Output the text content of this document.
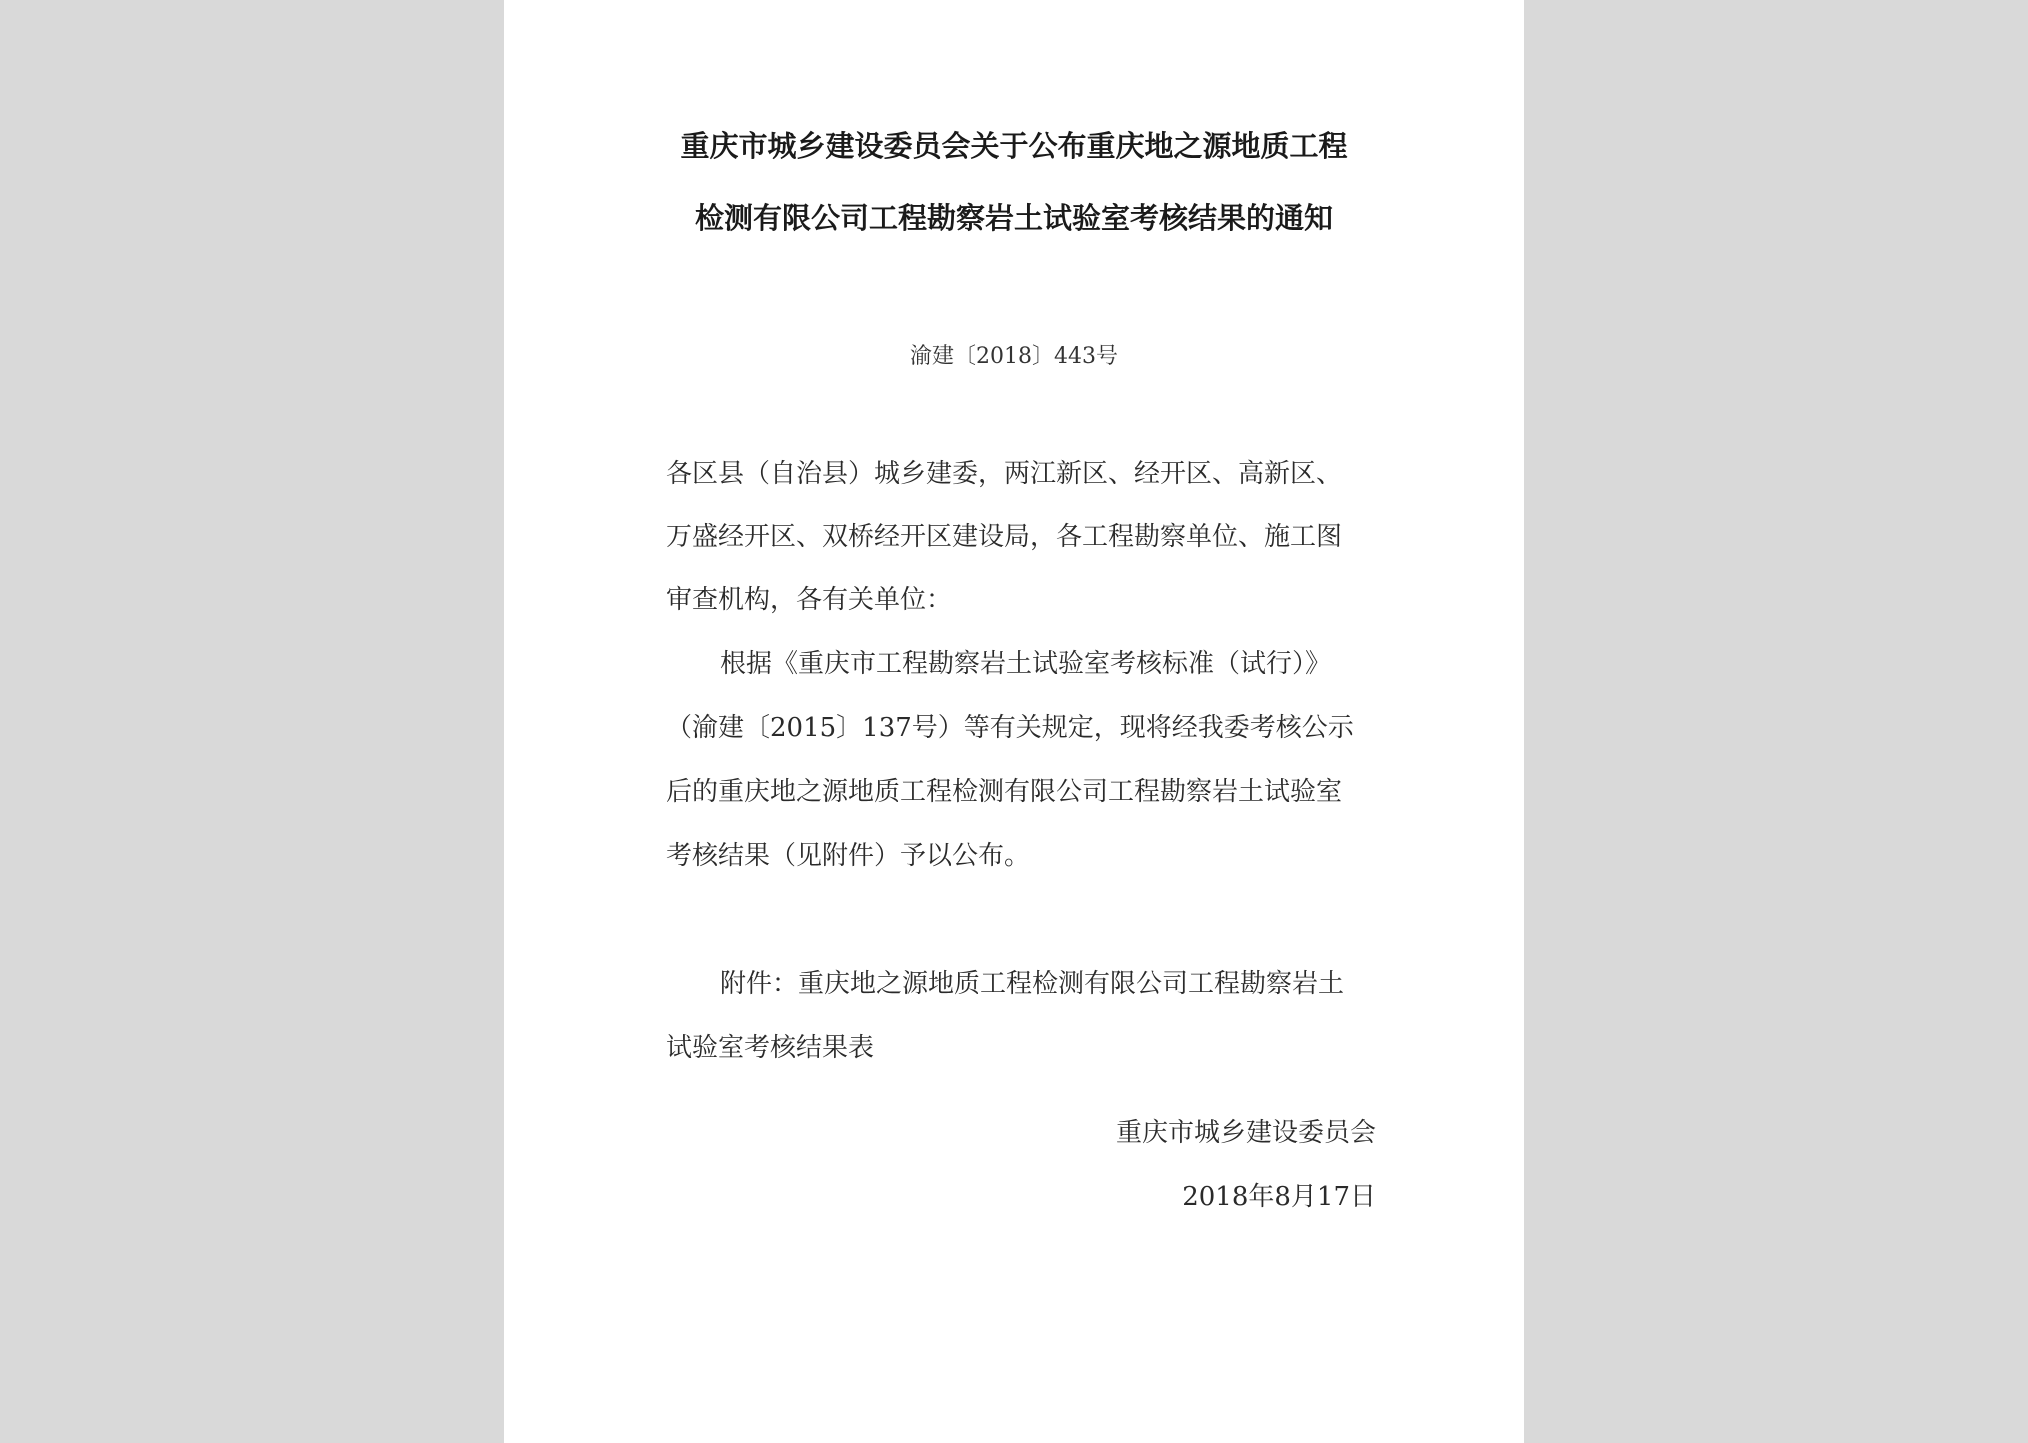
重庆市城乡建设委员会关于公布重庆地之源地质工程
检测有限公司工程勘察岩土试验室考核结果的通知
渝建〔2018〕443号
各区县（自治县）城乡建委，两江新区、经开区、高新区、
万盛经开区、双桥经开区建设局，各工程勘察单位、施工图
审查机构，各有关单位：
根据《重庆市工程勘察岩土试验室考核标准（试行）》
（渝建〔2015〕137号）等有关规定，现将经我委考核公示
后的重庆地之源地质工程检测有限公司工程勘察岩土试验室
考核结果（见附件）予以公布。
附件：重庆地之源地质工程检测有限公司工程勘察岩土
试验室考核结果表
重庆市城乡建设委员会
2018年8月17日
